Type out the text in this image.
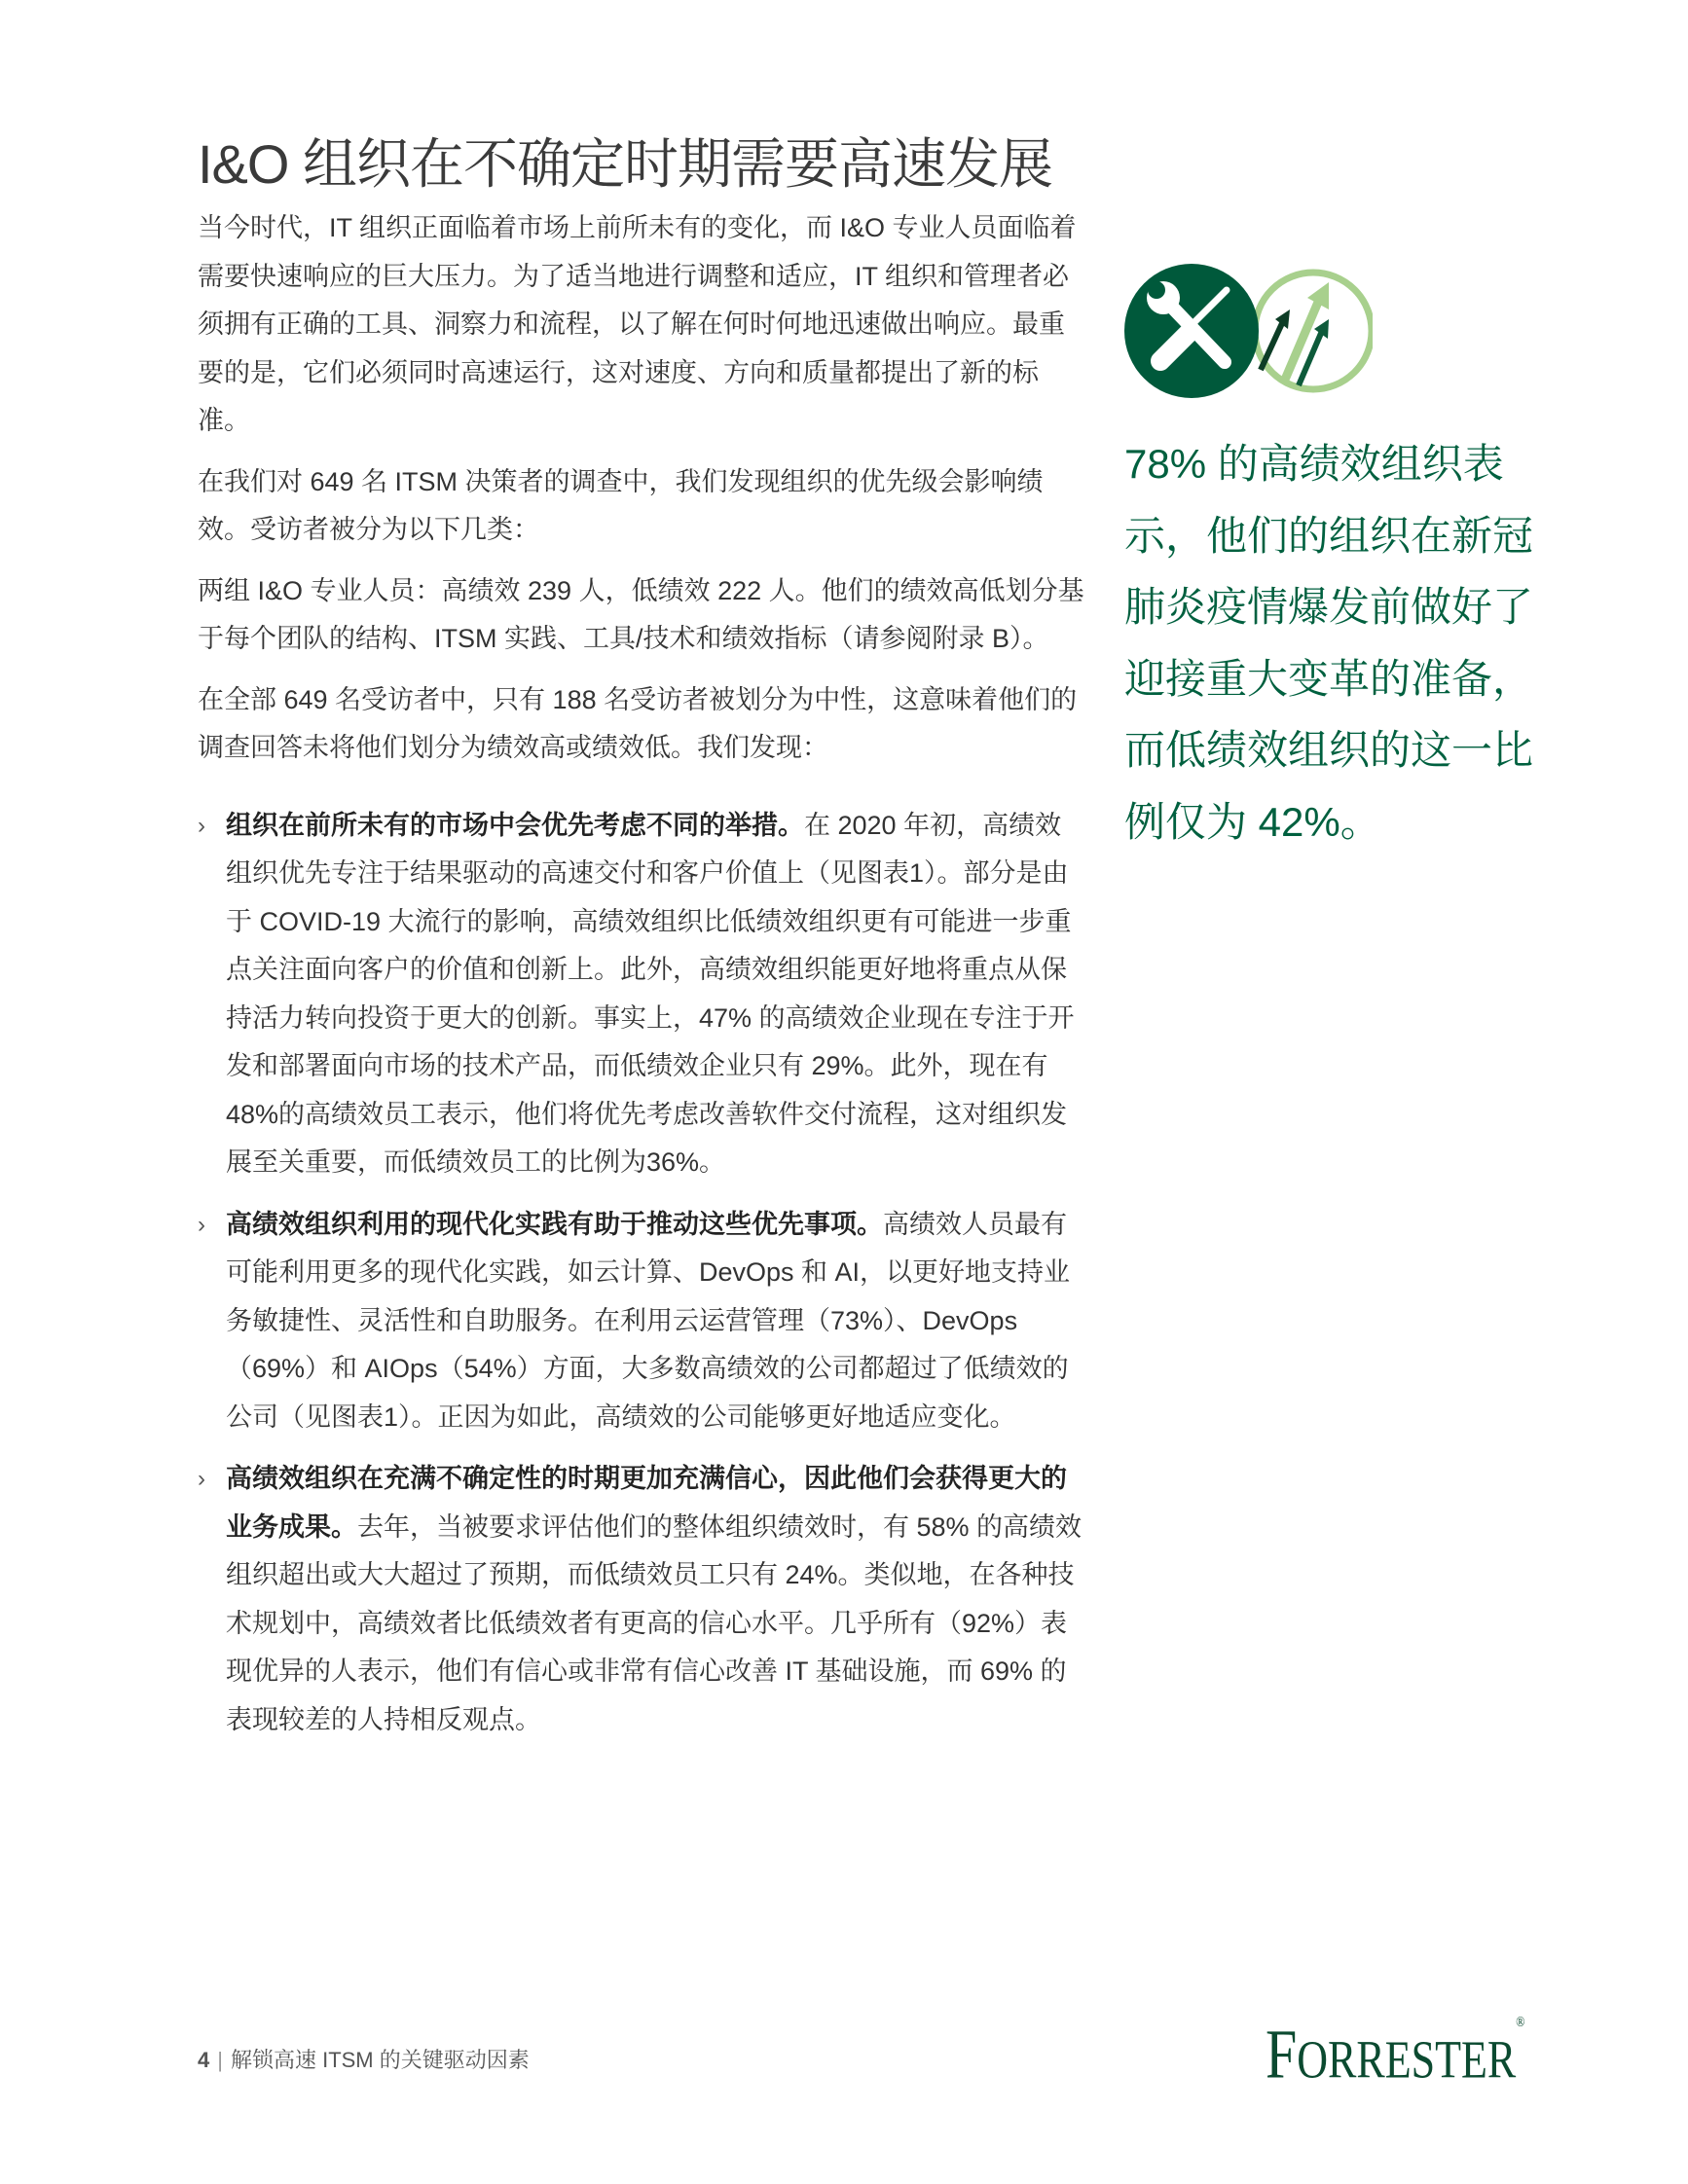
I&O 组织在不确定时期需要高速发展

当今时代，IT 组织正面临着市场上前所未有的变化，而 I&O 专业人员面临着需要快速响应的巨大压力。为了适当地进行调整和适应，IT 组织和管理者必须拥有正确的工具、洞察力和流程，以了解在何时何地迅速做出响应。最重要的是，它们必须同时高速运行，这对速度、方向和质量都提出了新的标准。

在我们对 649 名 ITSM 决策者的调查中，我们发现组织的优先级会影响绩效。受访者被分为以下几类：

两组 I&O 专业人员：高绩效 239 人，低绩效 222 人。他们的绩效高低划分基于每个团队的结构、ITSM 实践、工具/技术和绩效指标（请参阅附录 B）。

在全部 649 名受访者中，只有 188 名受访者被划分为中性，这意味着他们的调查回答未将他们划分为绩效高或绩效低。我们发现：

› 组织在前所未有的市场中会优先考虑不同的举措。在 2020 年初，高绩效组织优先专注于结果驱动的高速交付和客户价值上（见图表1）。部分是由于 COVID-19 大流行的影响，高绩效组织比低绩效组织更有可能进一步重点关注面向客户的价值和创新上。此外，高绩效组织能更好地将重点从保持活力转向投资于更大的创新。事实上，47% 的高绩效企业现在专注于开发和部署面向市场的技术产品，而低绩效企业只有 29%。此外，现在有48%的高绩效员工表示，他们将优先考虑改善软件交付流程，这对组织发展至关重要，而低绩效员工的比例为36%。
› 高绩效组织利用的现代化实践有助于推动这些优先事项。高绩效人员最有可能利用更多的现代化实践，如云计算、DevOps 和 AI，以更好地支持业务敏捷性、灵活性和自助服务。在利用云运营管理（73%）、DevOps（69%）和 AIOps（54%）方面，大多数高绩效的公司都超过了低绩效的公司（见图表1）。正因为如此，高绩效的公司能够更好地适应变化。
› 高绩效组织在充满不确定性的时期更加充满信心，因此他们会获得更大的业务成果。去年，当被要求评估他们的整体组织绩效时，有 58% 的高绩效组织超出或大大超过了预期，而低绩效员工只有 24%。类似地，在各种技术规划中，高绩效者比低绩效者有更高的信心水平。几乎所有（92%）表现优异的人表示，他们有信心或非常有信心改善 IT 基础设施，而 69% 的表现较差的人持相反观点。
78% 的高绩效组织表示，他们的组织在新冠肺炎疫情爆发前做好了迎接重大变革的准备，而低绩效组织的这一比例仅为 42%。
4 | 解锁高速 ITSM 的关键驱动因素	FORRESTER®
